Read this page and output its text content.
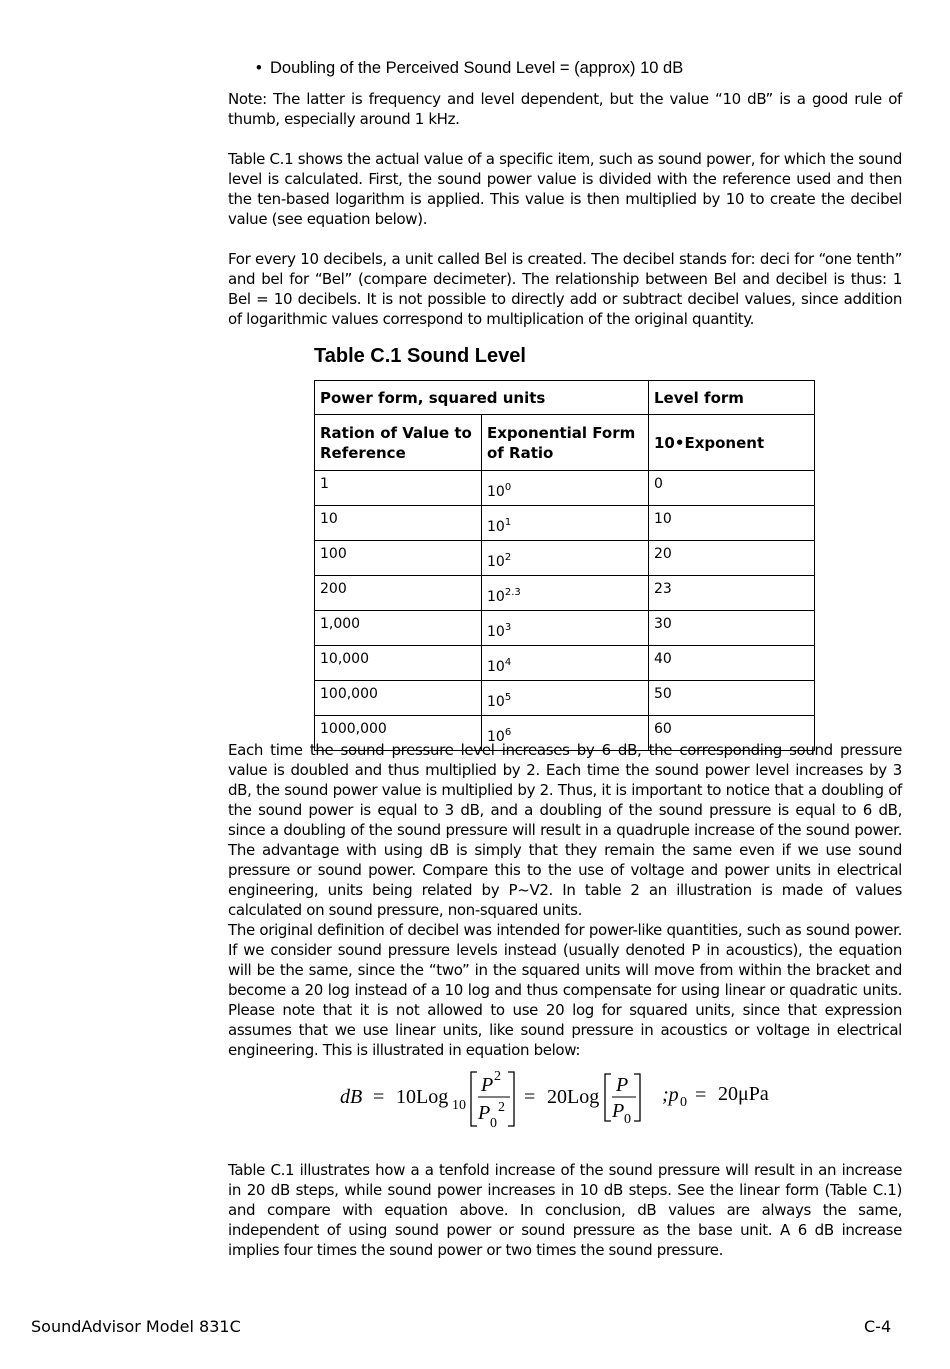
• Doubling of the Perceived Sound Level = (approx) 10 dB

Note: The latter is frequency and level dependent, but the value “10 dB” is a good rule of thumb, especially around 1 kHz.

Table C.1 shows the actual value of a specific item, such as sound power, for which the sound level is calculated. First, the sound power value is divided with the reference used and then the ten-based logarithm is applied. This value is then multiplied by 10 to create the decibel value (see equation below).

For every 10 decibels, a unit called Bel is created. The decibel stands for: deci for “one tenth” and bel for “Bel” (compare decimeter). The relationship between Bel and decibel is thus: 1 Bel = 10 decibels. It is not possible to directly add or subtract decibel values, since addition of logarithmic values correspond to multiplication of the original quantity.

Table C.1 Sound Level
Power form, squared units		Level form
Ration of Value to Reference	Exponential Form of Ratio	10•Exponent
1	$10^0$	0
10	$10^1$	10
100	$10^2$	20
200	$10^{2.3}$	23
1,000	$10^3$	30
10,000	$10^4$	40
100,000	$10^5$	50
1000,000	$10^6$	60

Each time the sound pressure level increases by 6 dB, the corresponding sound pressure value is doubled and thus multiplied by 2. Each time the sound power level increases by 3 dB, the sound power value is multiplied by 2. Thus, it is important to notice that a doubling of the sound power is equal to 3 dB, and a doubling of the sound pressure is equal to 6 dB, since a doubling of the sound pressure will result in a quadruple increase of the sound power. The advantage with using dB is simply that they remain the same even if we use sound pressure or sound power. Compare this to the use of voltage and power units in electrical engineering, units being related by P~V2. In table 2 an illustration is made of values calculated on sound pressure, non-squared units.

The original definition of decibel was intended for power-like quantities, such as sound power. If we consider sound pressure levels instead (usually denoted P in acoustics), the equation will be the same, since the “two” in the squared units will move from within the bracket and become a 20 log instead of a 10 log and thus compensate for using linear or quadratic units. Please note that it is not allowed to use 20 log for squared units, since that expression assumes that we use linear units, like sound pressure in acoustics or voltage in electrical engineering. This is illustrated in equation below:

dB = 10Log 10
P 2
P 0
2 = 20Log
P
P 0
;p 0 = 20μPa

Table C.1 illustrates how a a tenfold increase of the sound pressure will result in an increase in 20 dB steps, while sound power increases in 10 dB steps. See the linear form (Table C.1) and compare with equation above. In conclusion, dB values are always the same, independent of using sound power or sound pressure as the base unit. A 6 dB increase implies four times the sound power or two times the sound pressure.

SoundAdvisor Model 831C	C-4
